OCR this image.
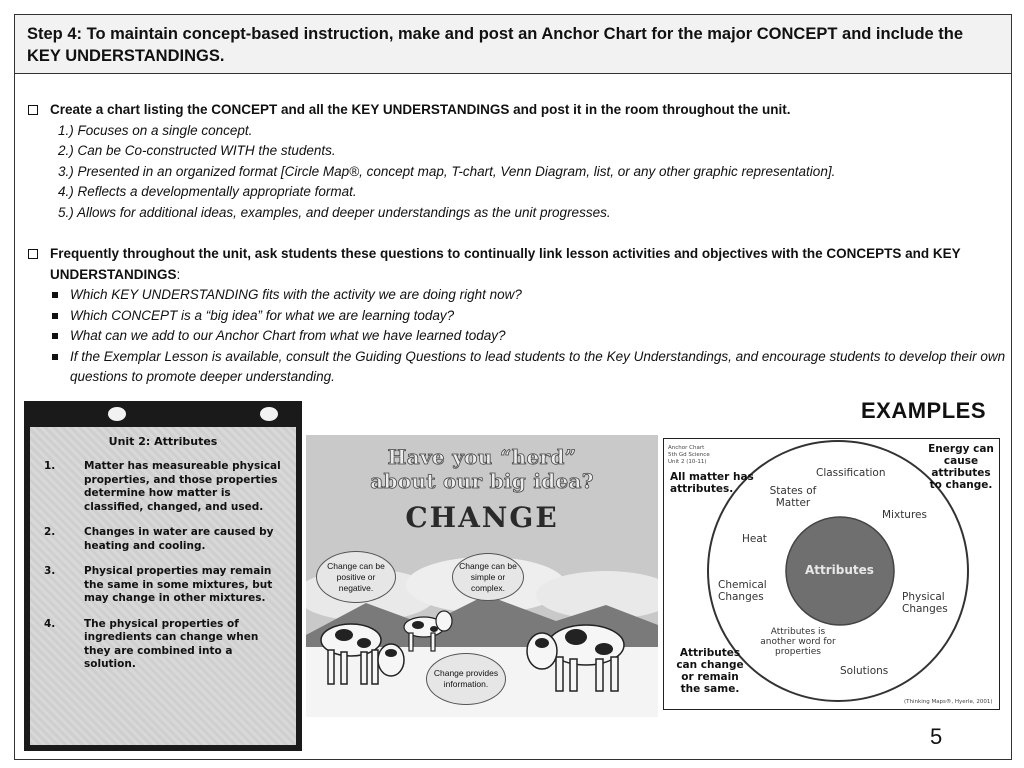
Step 4: To maintain concept-based instruction, make and post an Anchor Chart for the major CONCEPT and include the KEY UNDERSTANDINGS.
Create a chart listing the CONCEPT and all the KEY UNDERSTANDINGS and post it in the room throughout the unit.
1.) Focuses on a single concept.
2.) Can be Co-constructed WITH the students.
3.) Presented in an organized format [Circle Map®, concept map, T-chart, Venn Diagram, list, or any other graphic representation].
4.) Reflects a developmentally appropriate format.
5.) Allows for additional ideas, examples, and deeper understandings as the unit progresses.
Frequently throughout the unit, ask students these questions to continually link lesson activities and objectives with the CONCEPTS and KEY UNDERSTANDINGS:
Which KEY UNDERSTANDING fits with the activity we are doing right now?
Which CONCEPT is a “big idea” for what we are learning today?
What can we add to our Anchor Chart from what we have learned today?
If the Exemplar Lesson is available, consult the Guiding Questions to lead students to the Key Understandings, and encourage students to develop their own questions to promote deeper understanding.
EXAMPLES
Unit 2: Attributes
1.	Matter has measureable physical properties, and those properties determine how matter is classified, changed, and used.
2.	Changes in water are caused by heating and cooling.
3.	Physical properties may remain the same in some mixtures, but may change in other mixtures.
4.	The physical properties of ingredients can change when they are combined into a solution.
Have you “herd”
about our big idea?
CHANGE
Change can be positive or negative.
Change can be simple or complex.
Change provides information.
Anchor Chart
5th Gd Science
Unit 2 (10-11)
Attributes
All matter has attributes.
Energy can cause attributes to change.
Attributes can change or remain the same.
Classification
States of Matter
Mixtures
Heat
Chemical Changes	Physical Changes
Attributes is another word for properties
Solutions
(Thinking Maps®, Hyerle, 2001)
5
